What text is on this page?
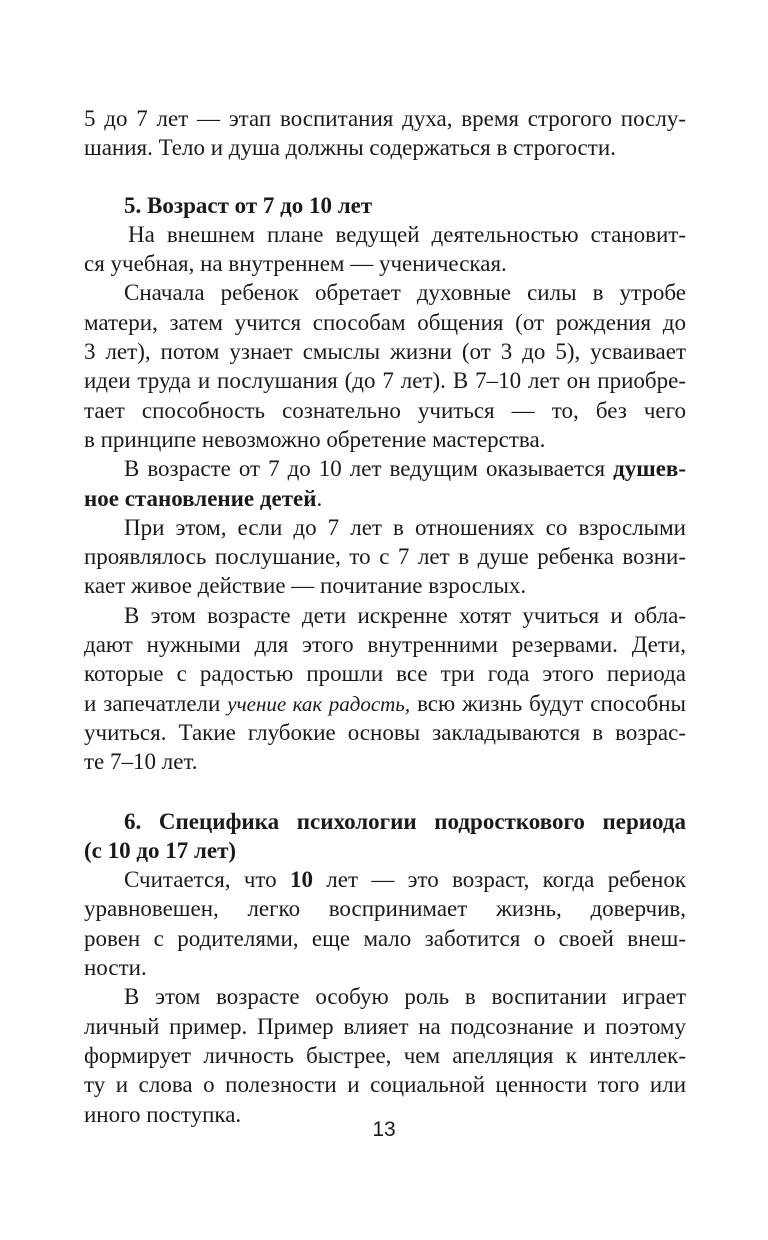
5 до 7 лет — этап воспитания духа, время строгого послу-
шания. Тело и душа должны содержаться в строгости.
5. Возраст от 7 до 10 лет
На внешнем плане ведущей деятельностью становит-
ся учебная, на внутреннем — ученическая.
Сначала ребенок обретает духовные силы в утробе
матери, затем учится способам общения (от рождения до
3 лет), потом узнает смыслы жизни (от 3 до 5), усваивает
идеи труда и послушания (до 7 лет). В 7–10 лет он приобре-
тает способность сознательно учиться — то, без чего
в принципе невозможно обретение мастерства.
В возрасте от 7 до 10 лет ведущим оказывается душев-
ное становление детей.
При этом, если до 7 лет в отношениях со взрослыми
проявлялось послушание, то с 7 лет в душе ребенка возни-
кает живое действие — почитание взрослых.
В этом возрасте дети искренне хотят учиться и обла-
дают нужными для этого внутренними резервами. Дети,
которые с радостью прошли все три года этого периода
и запечатлели учение как радость, всю жизнь будут способны
учиться. Такие глубокие основы закладываются в возрас-
те 7–10 лет.
6. Специфика психологии подросткового периода
(с 10 до 17 лет)
Считается, что 10 лет — это возраст, когда ребенок
уравновешен, легко воспринимает жизнь, доверчив,
ровен с родителями, еще мало заботится о своей внеш-
ности.
В этом возрасте особую роль в воспитании играет
личный пример. Пример влияет на подсознание и поэтому
формирует личность быстрее, чем апелляция к интеллек-
ту и слова о полезности и социальной ценности того или
иного поступка.
13
